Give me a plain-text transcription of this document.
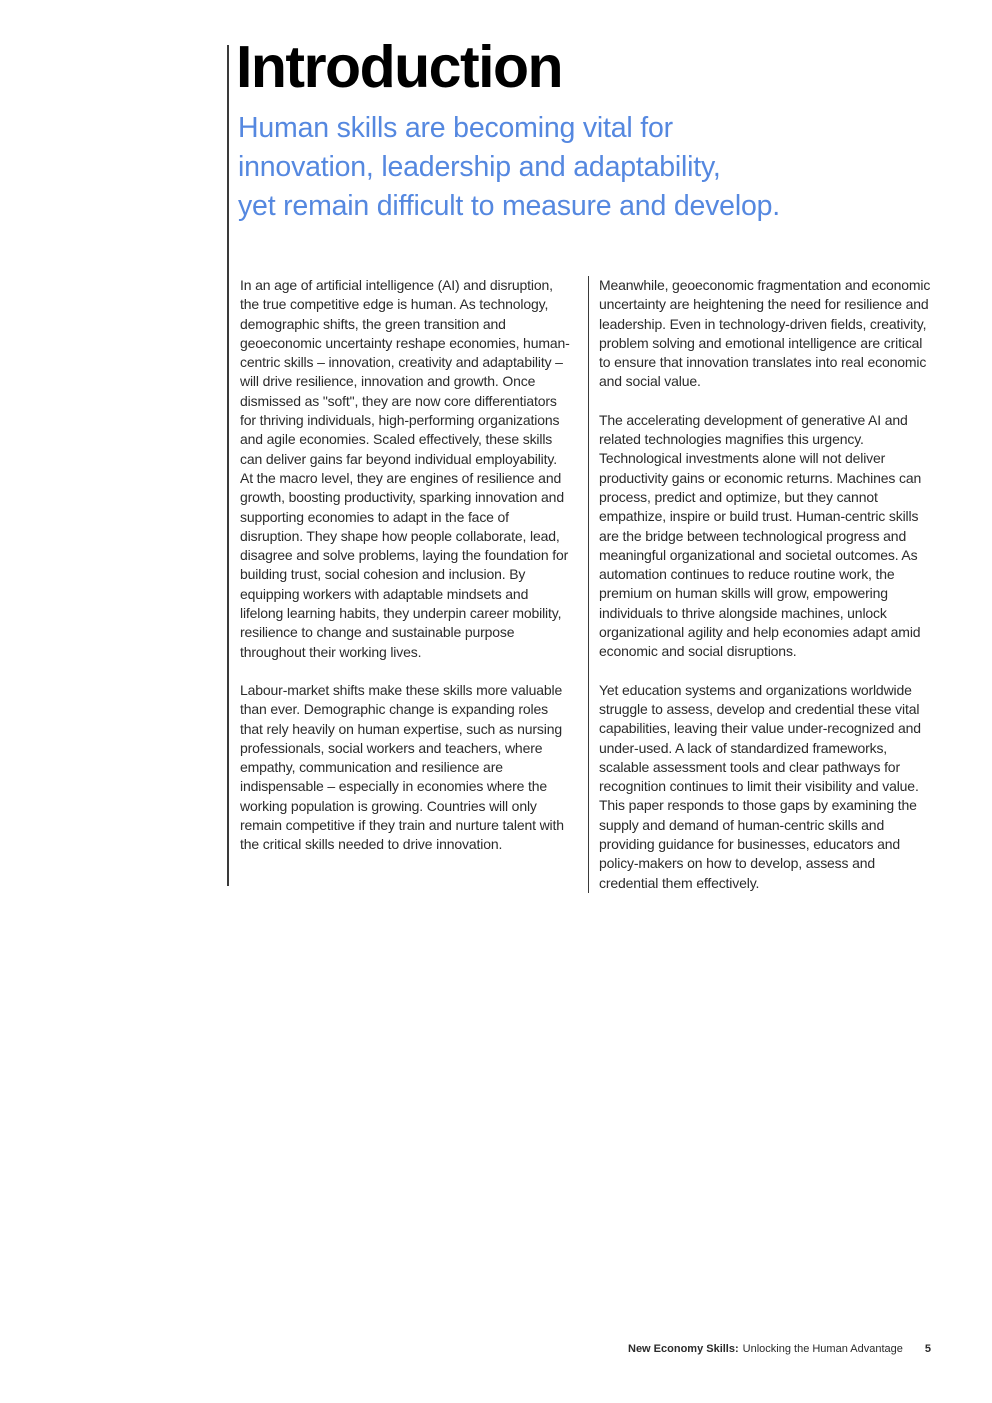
Introduction
Human skills are becoming vital for
innovation, leadership and adaptability,
yet remain difficult to measure and develop.

In an age of artificial intelligence (AI) and disruption, the true competitive edge is human. As technology, demographic shifts, the green transition and geoeconomic uncertainty reshape economies, human-centric skills – innovation, creativity and adaptability – will drive resilience, innovation and growth. Once dismissed as "soft", they are now core differentiators for thriving individuals, high-performing organizations and agile economies. Scaled effectively, these skills can deliver gains far beyond individual employability. At the macro level, they are engines of resilience and growth, boosting productivity, sparking innovation and supporting economies to adapt in the face of disruption. They shape how people collaborate, lead, disagree and solve problems, laying the foundation for building trust, social cohesion and inclusion. By equipping workers with adaptable mindsets and lifelong learning habits, they underpin career mobility, resilience to change and sustainable purpose throughout their working lives.

Labour-market shifts make these skills more valuable than ever. Demographic change is expanding roles that rely heavily on human expertise, such as nursing professionals, social workers and teachers, where empathy, communication and resilience are indispensable – especially in economies where the working population is growing. Countries will only remain competitive if they train and nurture talent with the critical skills needed to drive innovation.

Meanwhile, geoeconomic fragmentation and economic uncertainty are heightening the need for resilience and leadership. Even in technology-driven fields, creativity, problem solving and emotional intelligence are critical to ensure that innovation translates into real economic and social value.

The accelerating development of generative AI and related technologies magnifies this urgency. Technological investments alone will not deliver productivity gains or economic returns. Machines can process, predict and optimize, but they cannot empathize, inspire or build trust. Human-centric skills are the bridge between technological progress and meaningful organizational and societal outcomes. As automation continues to reduce routine work, the premium on human skills will grow, empowering individuals to thrive alongside machines, unlock organizational agility and help economies adapt amid economic and social disruptions.

Yet education systems and organizations worldwide struggle to assess, develop and credential these vital capabilities, leaving their value under-recognized and under-used. A lack of standardized frameworks, scalable assessment tools and clear pathways for recognition continues to limit their visibility and value. This paper responds to those gaps by examining the supply and demand of human-centric skills and providing guidance for businesses, educators and policy-makers on how to develop, assess and credential them effectively.

New Economy Skills: Unlocking the Human Advantage 5
